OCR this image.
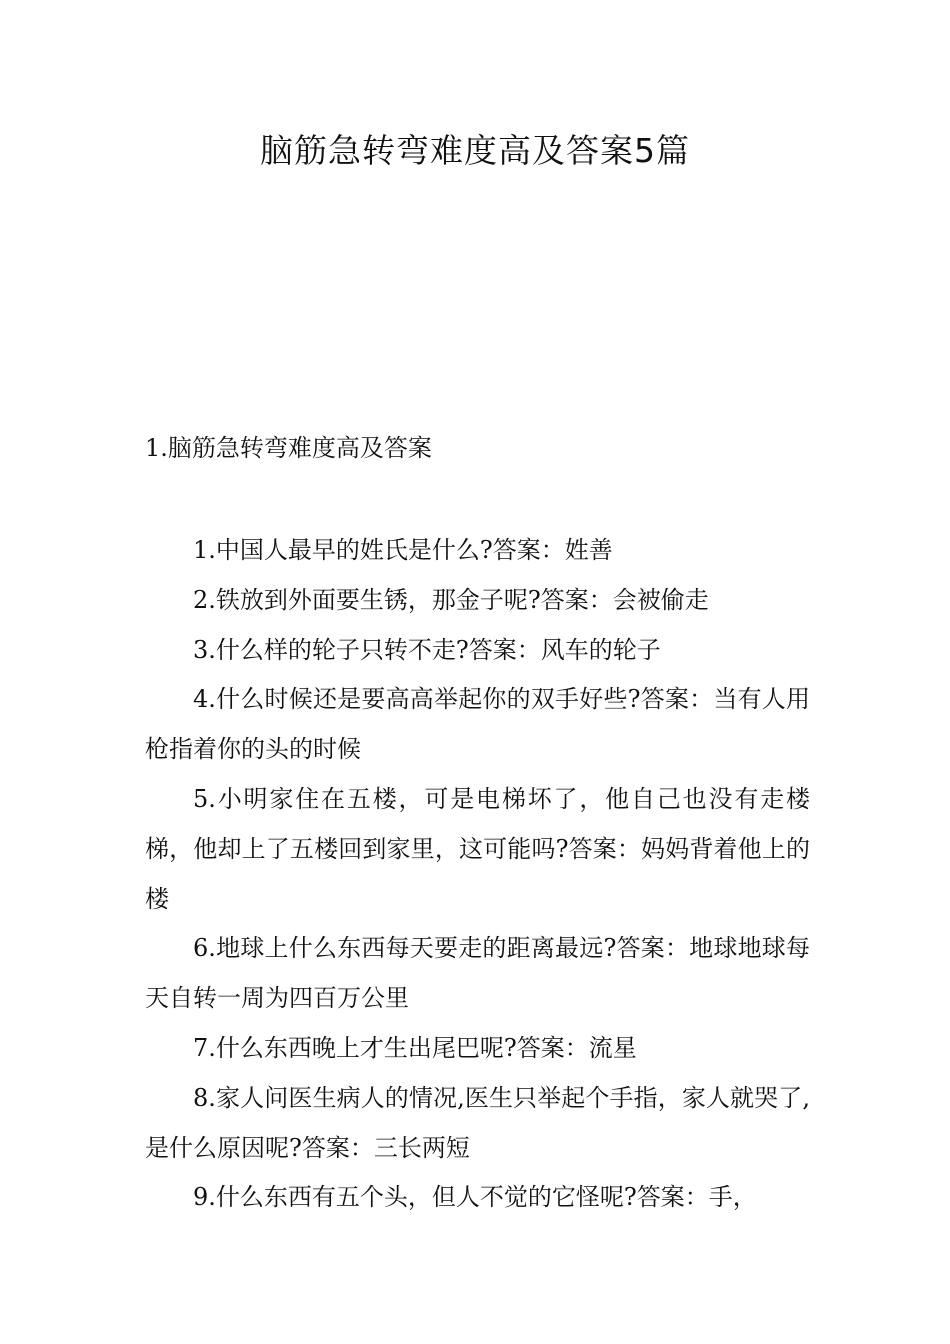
脑筋急转弯难度高及答案5篇
1.脑筋急转弯难度高及答案
1.中国人最早的姓氏是什么?答案：姓善
2.铁放到外面要生锈，那金子呢?答案：会被偷走
3.什么样的轮子只转不走?答案：风车的轮子
4.什么时候还是要高高举起你的双手好些?答案：当有人用枪指着你的头的时候
5.小明家住在五楼，可是电梯坏了，他自己也没有走楼梯，他却上了五楼回到家里，这可能吗?答案：妈妈背着他上的楼
6.地球上什么东西每天要走的距离最远?答案：地球地球每天自转一周为四百万公里
7.什么东西晚上才生出尾巴呢?答案：流星
8.家人问医生病人的情况,医生只举起个手指，家人就哭了,是什么原因呢?答案：三长两短
9.什么东西有五个头，但人不觉的它怪呢?答案：手，
